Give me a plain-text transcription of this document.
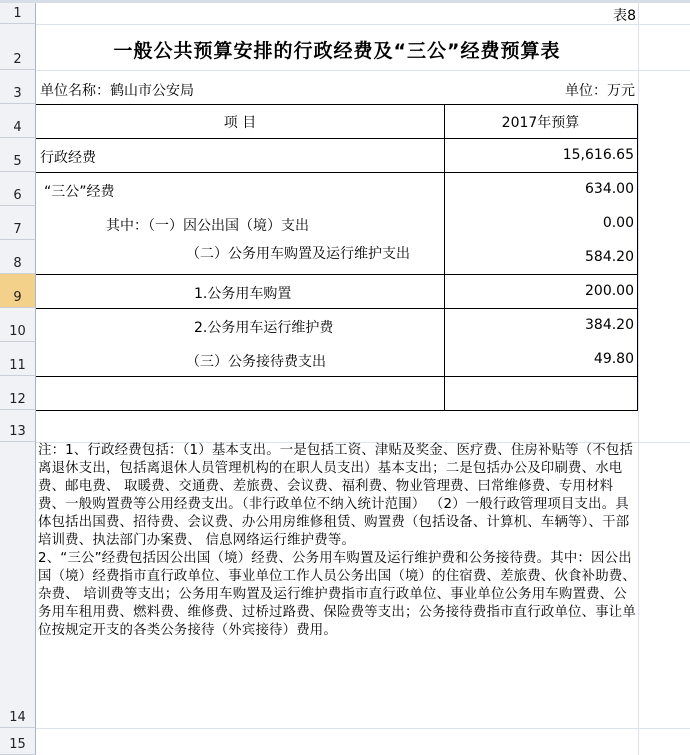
1
2
3
4
5
6
7
8
9
10
11
12
13
14
15
表8
一般公共预算安排的行政经费及“三公”经费预算表
单位名称：鹤山市公安局	单位：万元
项 目	2017年预算
行政经费	15,616.65
“三公”经费	634.00
其中：（一）因公出国（境）支出	0.00
（二）公务用车购置及运行维护支出	584.20
1.公务用车购置	200.00
2.公务用车运行维护费	384.20
（三）公务接待费支出	49.80

注：1、行政经费包括：（1）基本支出。一是包括工资、津贴及奖金、医疗费、住房补贴等（不包括离退休支出，包括离退休人员管理机构的在职人员支出）基本支出；二是包括办公及印刷费、水电费、邮电费、 取暖费、交通费、差旅费、会议费、福利费、物业管理费、曰常维修费、专用材料费、一般购置费等公用经费支出。（非行政单位不纳入统计范围） （2）一般行政管理项目支出。具体包括出国费、招待费、会议费、办公用房维修租赁、购置费（包括设备、计算机、车辆等）、干部培训费、执法部门办案费、 信息网络运行维护费等。

2、“三公”经费包括因公出国（境）经费、公务用车购置及运行维护费和公务接待费。其中：因公出国（境）经费指市直行政单位、事业单位工作人员公务出国（境）的住宿费、差旅费、伙食补助费、杂费、 培训费等支出；公务用车购置及运行维护费指市直行政单位、事业单位公务用车购置费、公务用车租用费、燃料费、维修费、过桥过路费、保险费等支出；公务接待费指市直行政单位、事让单位按规定开支的各类公务接待（外宾接待）费用。
